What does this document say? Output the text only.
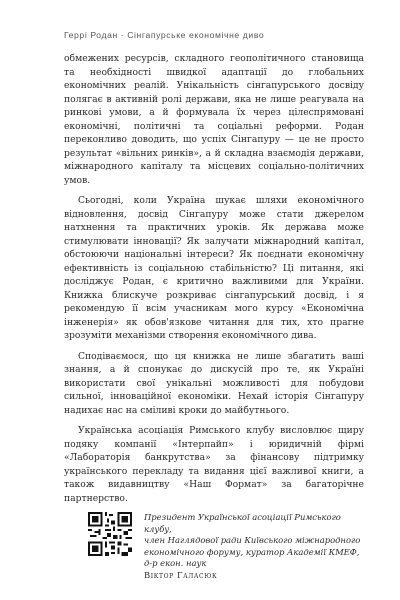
Геррі Родан · Сінгапурське економічне диво

обмежених ресурсів, складного геополітичного становища та необхідності швидкої адаптації до глобальних економічних реалій. Унікальність сінгапурського досвіду полягає в активній ролі держави, яка не лише реагувала на ринкові умови, а й формувала їх через цілеспрямовані економічні, політичні та соціальні реформи. Родан переконливо доводить, що успіх Сінгапуру — це не просто результат «вільних ринків», а й складна взаємодія держави, міжнародного капіталу та місцевих соціально-політичних умов.

Сьогодні, коли Україна шукає шляхи економічного відновлення, досвід Сінгапуру може стати джерелом натхнення та практичних уроків. Як держава може стимулювати інновації? Як залучати міжнародний капітал, обстоюючи національні інтереси? Як поєднати економічну ефективність із соціальною стабільністю? Ці питання, які досліджує Родан, є критично важливими для України. Книжка блискуче розкриває сінгапурський досвід, і я рекомендую її всім учасникам мого курсу «Економічна інженерія» як обов'язкове читання для тих, хто прагне зрозуміти механізми створення економічного дива.

Сподіваємося, що ця книжка не лише збагатить ваші знання, а й спонукає до дискусій про те, як Україні використати свої унікальні можливості для побудови сильної, інноваційної економіки. Нехай історія Сінгапуру надихає нас на сміливі кроки до майбутнього.

Українська асоціація Римського клубу висловлює щиру подяку компанії «Інтерпайп» і юридичній фірмі «Лабораторія банкрутства» за фінансову підтримку українського перекладу та видання цієї важливої книги, а також видавництву «Наш Формат» за багаторічне партнерство.

Президент Української асоціації Римського клубу,
член Наглядової ради Київського міжнародного
економічного форуму, куратор Академії КМЕФ,
д-р екон. наук
Віктор Галасюк
